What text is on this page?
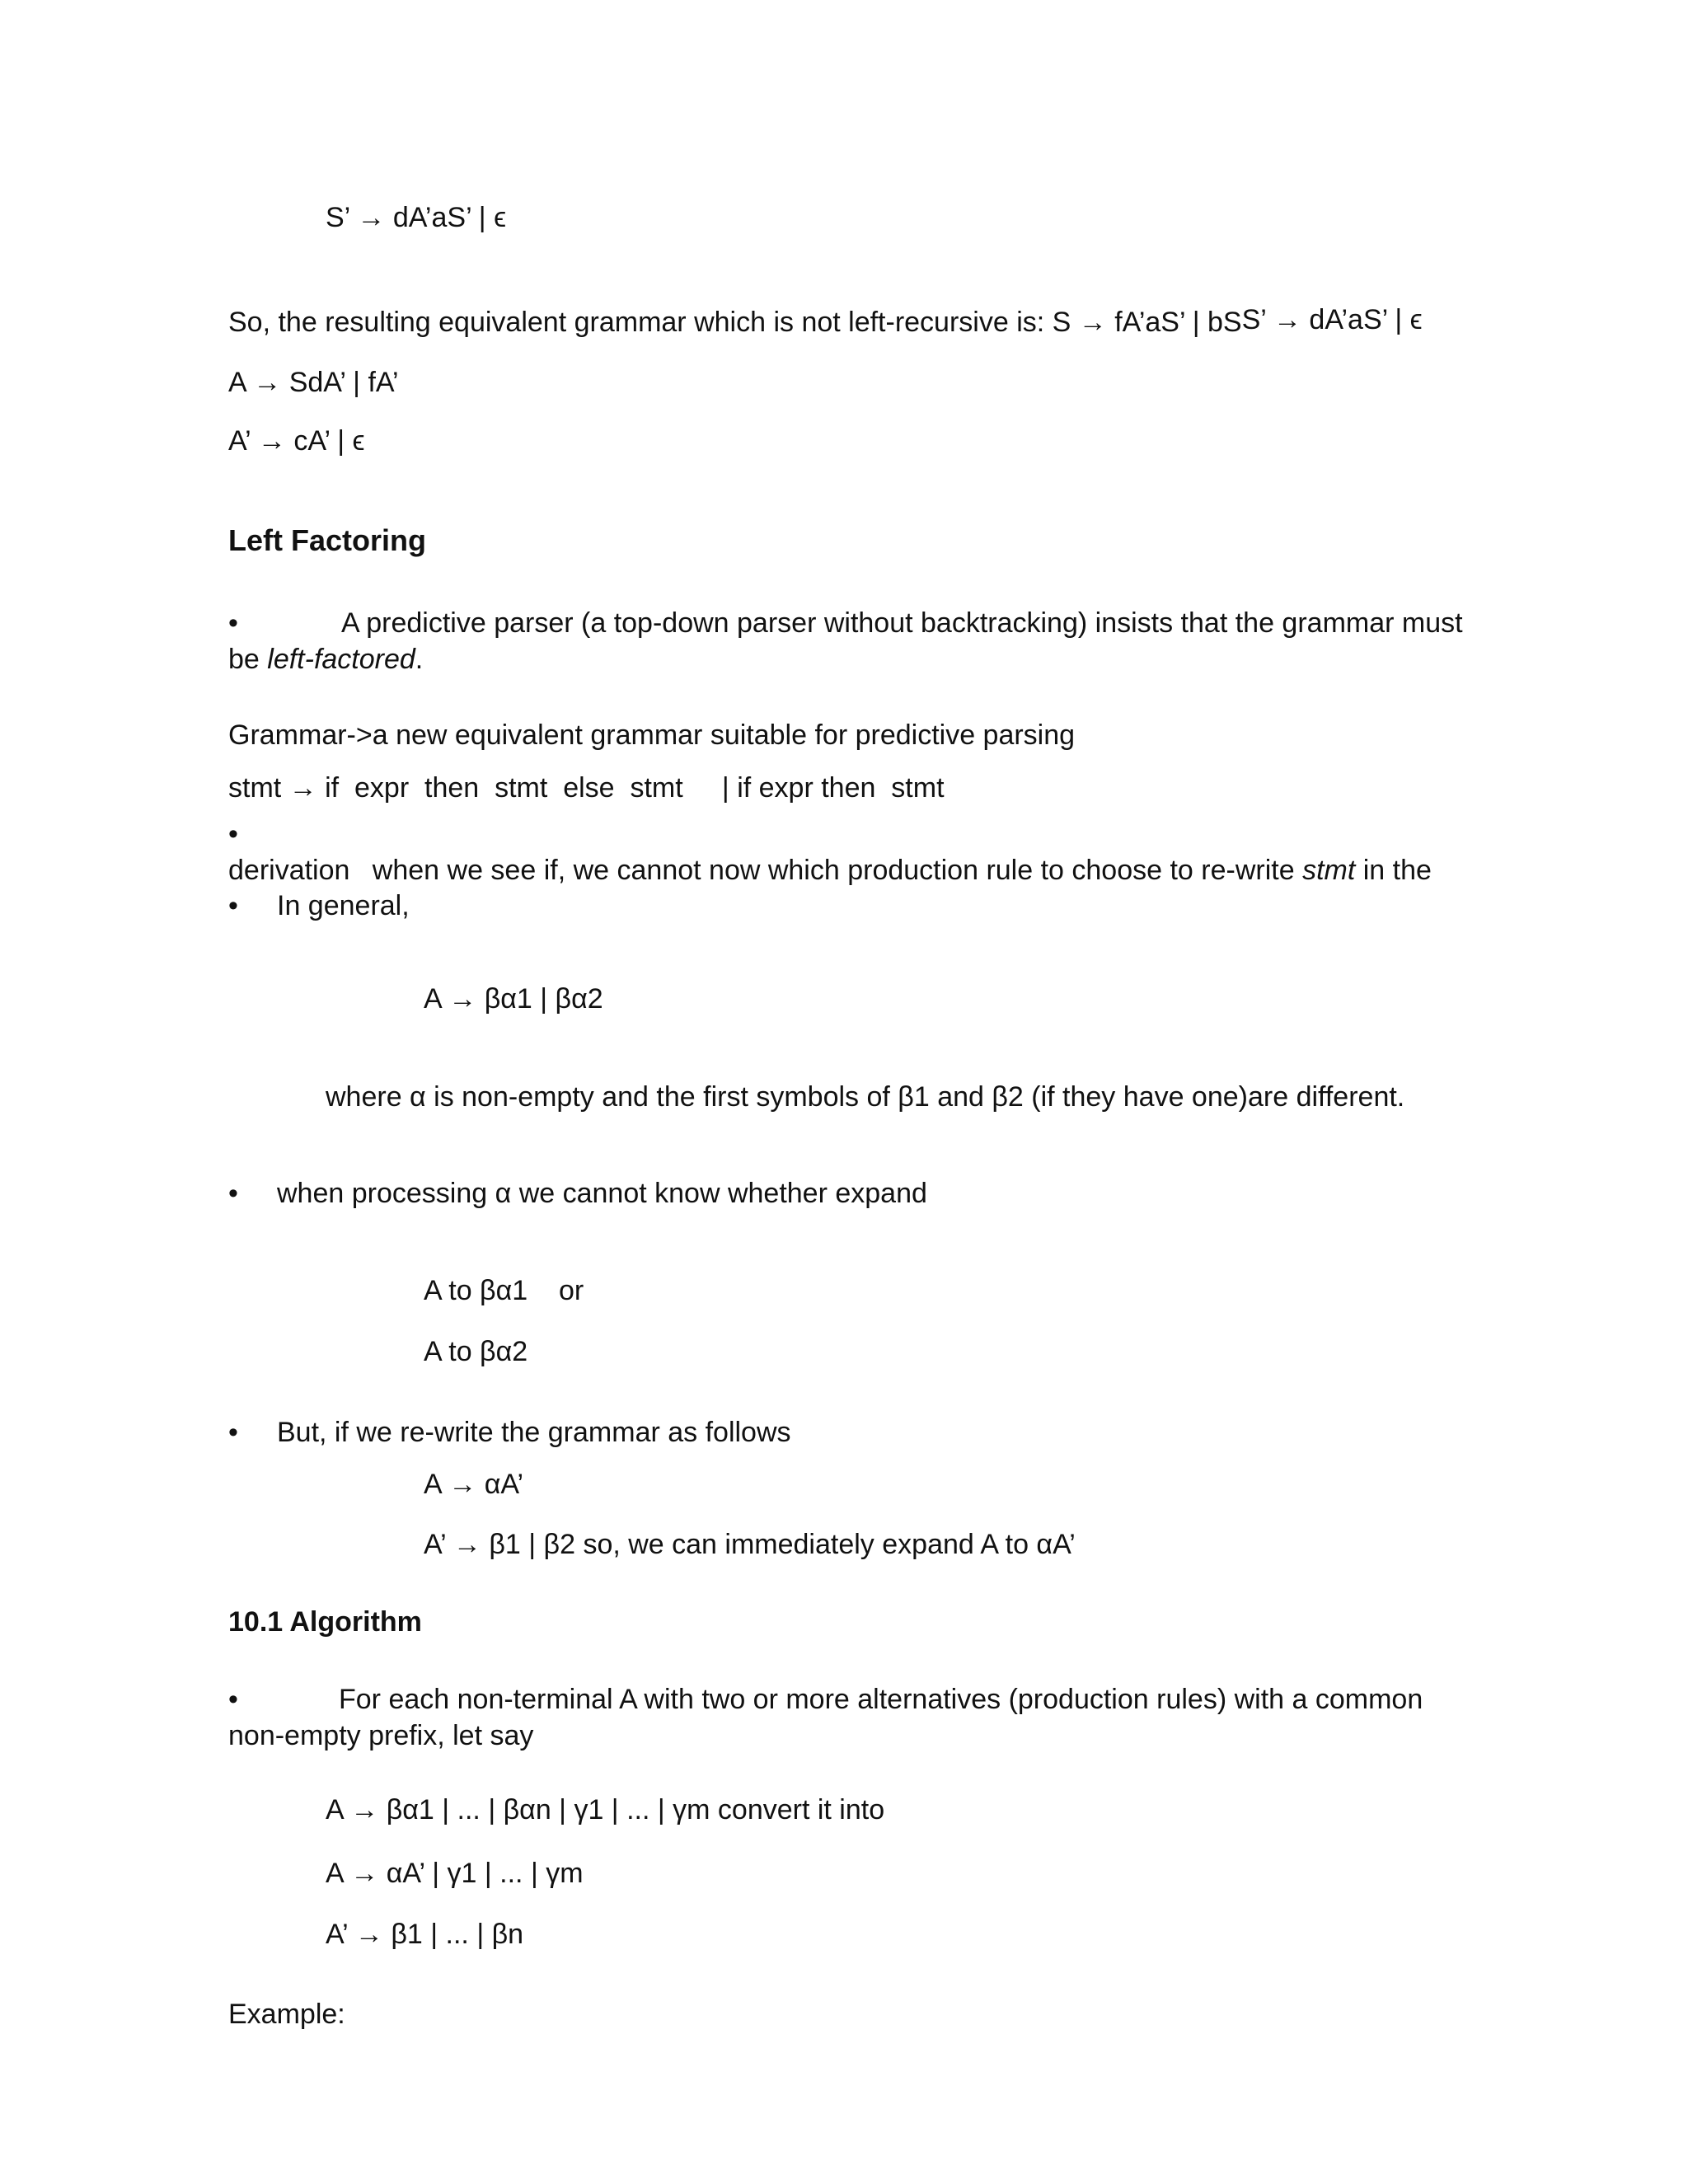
S’ → dA’aS’ | ϵ
So, the resulting equivalent grammar which is not left-recursive is: S → fA’aS’ | bSS’ → dA’aS’ | ϵ
A → SdA’ | fA’
A’ → cA’ | ϵ
Left Factoring
•	A predictive parser (a top-down parser without backtracking) insists that the grammar must
be left-factored.
Grammar->a new equivalent grammar suitable for predictive parsing
stmt → if  expr  then  stmt  else  stmt     | if expr then  stmt
•

when we see if, we cannot now which production rule to choose to re-write stmt in the

derivation
• In general,
A → βα1 | βα2
where α is non-empty and the first symbols of β1 and β2 (if they have one)are different.
• when processing α we cannot know whether expand
A to βα1    or
A to βα2
• But, if we re-write the grammar as follows
A → αA’
A’ → β1 | β2 so, we can immediately expand A to αA’
10.1 Algorithm
•	For each non-terminal A with two or more alternatives (production rules) with a common
non-empty prefix, let say
A → βα1 | ... | βαn | γ1 | ... | γm convert it into
A → αA’ | γ1 | ... | γm
A’ → β1 | ... | βn
Example:
